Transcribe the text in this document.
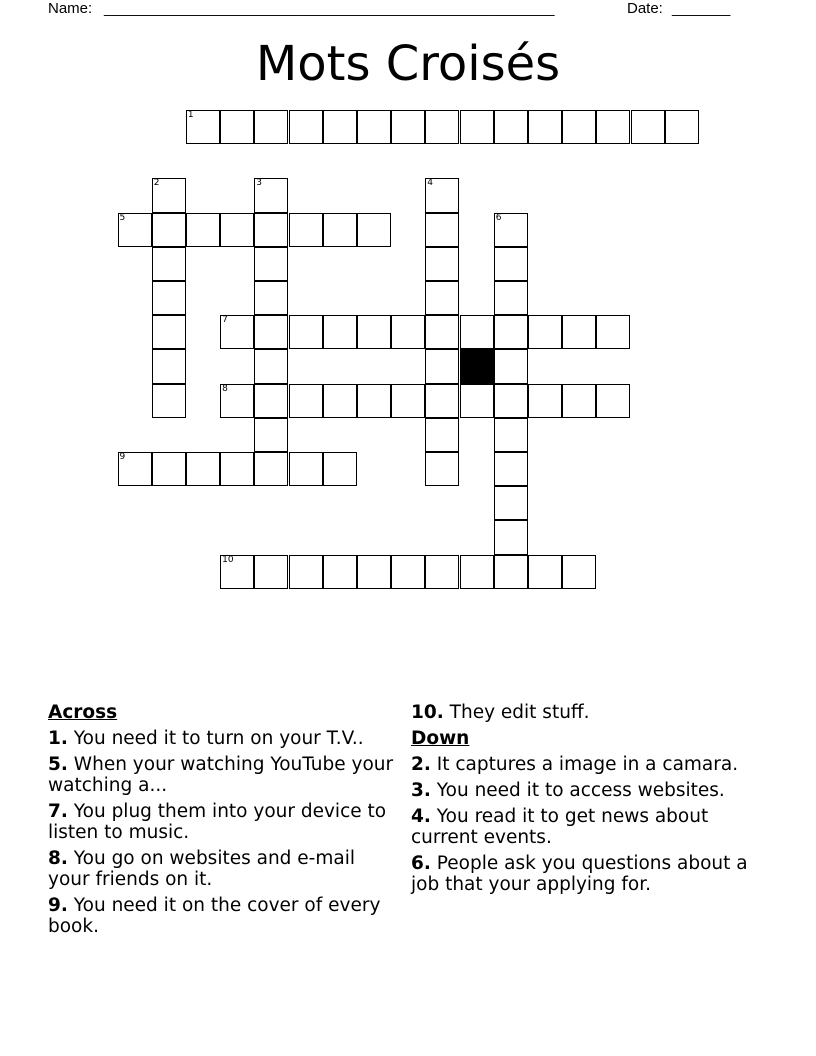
Name: ______________________________________________________	Date: _______
Mots Croisés
1
2	3	4
5	6
7
8
9
10
Across
1. You need it to turn on your T.V..
5. When your watching YouTube your watching a...
7. You plug them into your device to listen to music.
8. You go on websites and e-mail your friends on it.
9. You need it on the cover of every book.
10. They edit stuff.
Down
2. It captures a image in a camara.
3. You need it to access websites.
4. You read it to get news about current events.
6. People ask you questions about a job that your applying for.
